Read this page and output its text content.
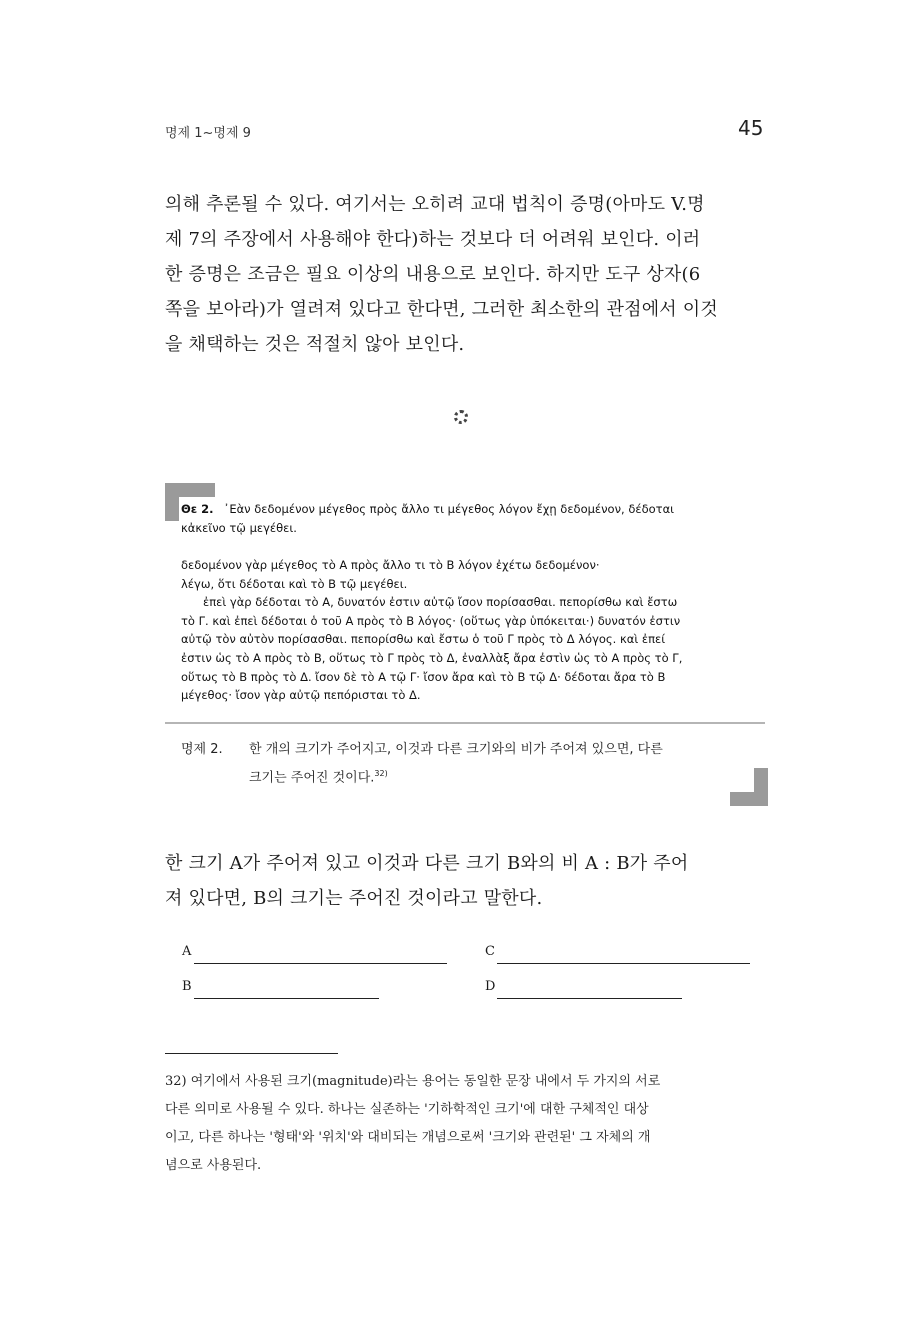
명제 1~명제 9	45

의해 추론될 수 있다. 여기서는 오히려 교대 법칙이 증명(아마도 V.명

제 7의 주장에서 사용해야 한다)하는 것보다 더 어려워 보인다. 이러

한 증명은 조금은 필요 이상의 내용으로 보인다. 하지만 도구 상자(6

쪽을 보아라)가 열려져 있다고 한다면, 그러한 최소한의 관점에서 이것

을 채택하는 것은 적절치 않아 보인다.

Θε 2. ᾽Εὰν δεδομένον μέγεθος πρὸς ἄλλο τι μέγεθος λόγον ἔχῃ δεδομένον, δέδοται

κἀκεῖνο τῷ μεγέθει.

δεδομένον γὰρ μέγεθος τὸ Α πρὸς ἄλλο τι τὸ Β λόγον ἐχέτω δεδομένον·

λέγω, ὅτι δέδοται καὶ τὸ Β τῷ μεγέθει.

ἐπεὶ γὰρ δέδοται τὸ Α, δυνατόν ἐστιν αὐτῷ ἴσον πορίσασθαι. πεπορίσθω καὶ ἔστω

τὸ Γ. καὶ ἐπεὶ δέδοται ὁ τοῦ Α πρὸς τὸ Β λόγος· (οὕτως γὰρ ὑπόκειται·) δυνατόν ἐστιν

αὐτῷ τὸν αὐτὸν πορίσασθαι. πεπορίσθω καὶ ἔστω ὁ τοῦ Γ πρὸς τὸ Δ λόγος. καὶ ἐπεί

ἐστιν ὡς τὸ Α πρὸς τὸ Β, οὕτως τὸ Γ πρὸς τὸ Δ, ἐναλλὰξ ἄρα ἐστὶν ὡς τὸ Α πρὸς τὸ Γ,

οὕτως τὸ Β πρὸς τὸ Δ. ἴσον δὲ τὸ Α τῷ Γ· ἴσον ἄρα καὶ τὸ Β τῷ Δ· δέδοται ἄρα τὸ Β

μέγεθος· ἴσον γὰρ αὐτῷ πεπόρισται τὸ Δ.

명제 2. 한 개의 크기가 주어지고, 이것과 다른 크기와의 비가 주어져 있으면, 다른
크기는 주어진 것이다.$^{32)}$

한 크기 A가 주어져 있고 이것과 다른 크기 B와의 비 A : B가 주어

져 있다면, B의 크기는 주어진 것이라고 말한다.

A	C
B	D

32) 여기에서 사용된 크기(magnitude)라는 용어는 동일한 문장 내에서 두 가지의 서로

다른 의미로 사용될 수 있다. 하나는 실존하는 '기하학적인 크기'에 대한 구체적인 대상

이고, 다른 하나는 '형태'와 '위치'와 대비되는 개념으로써 '크기와 관련된' 그 자체의 개

념으로 사용된다.
